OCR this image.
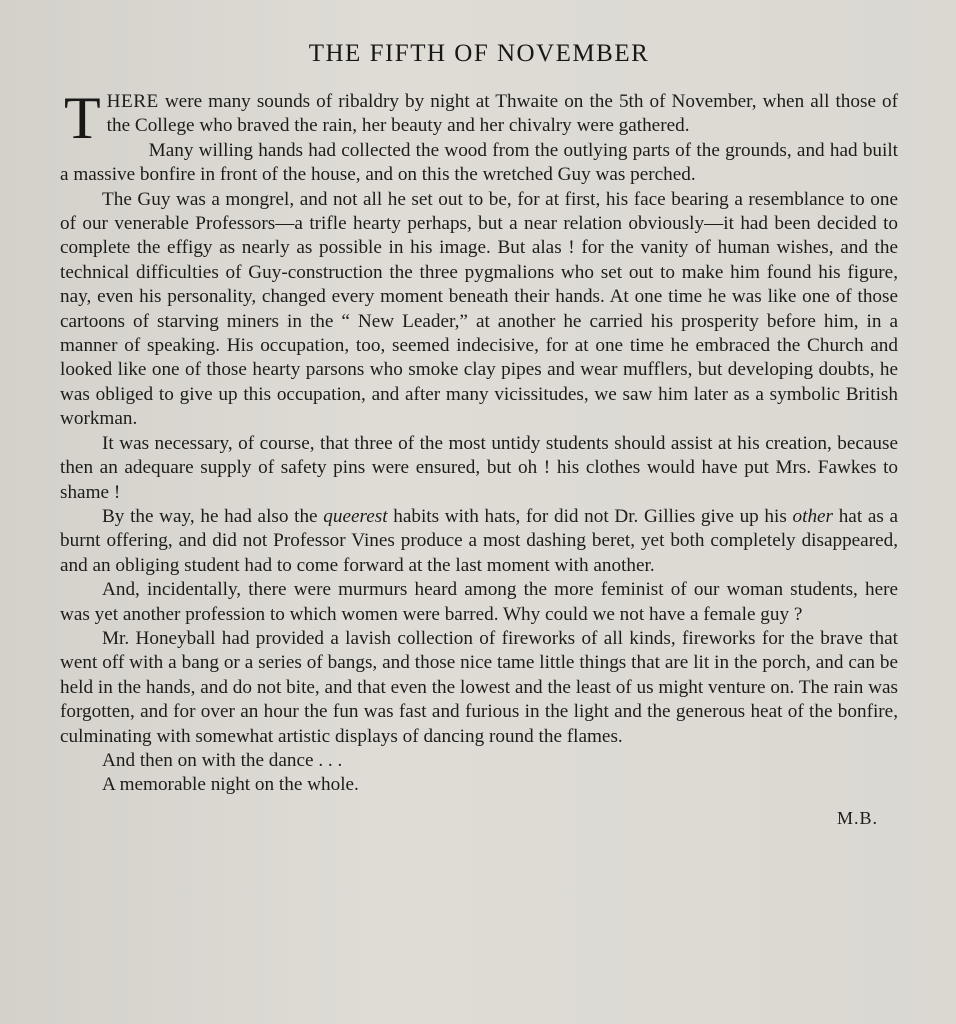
THE FIFTH OF NOVEMBER

THERE were many sounds of ribaldry by night at Thwaite on the 5th of November, when all those of the College who braved the rain, her beauty and her chivalry were gathered.

Many willing hands had collected the wood from the outlying parts of the grounds, and had built a massive bonfire in front of the house, and on this the wretched Guy was perched.

The Guy was a mongrel, and not all he set out to be, for at first, his face bearing a resemblance to one of our venerable Professors—a trifle hearty perhaps, but a near relation obviously—it had been decided to complete the effigy as nearly as possible in his image. But alas ! for the vanity of human wishes, and the technical difficulties of Guy-construction the three pygmalions who set out to make him found his figure, nay, even his personality, changed every moment beneath their hands. At one time he was like one of those cartoons of starving miners in the “ New Leader,” at another he carried his prosperity before him, in a manner of speaking. His occupation, too, seemed indecisive, for at one time he embraced the Church and looked like one of those hearty parsons who smoke clay pipes and wear mufflers, but developing doubts, he was obliged to give up this occupation, and after many vicissitudes, we saw him later as a symbolic British workman.

It was necessary, of course, that three of the most untidy students should assist at his creation, because then an adequare supply of safety pins were ensured, but oh ! his clothes would have put Mrs. Fawkes to shame !

By the way, he had also the queerest habits with hats, for did not Dr. Gillies give up his other hat as a burnt offering, and did not Professor Vines produce a most dashing beret, yet both completely disappeared, and an obliging student had to come forward at the last moment with another.

And, incidentally, there were murmurs heard among the more feminist of our woman students, here was yet another profession to which women were barred. Why could we not have a female guy ?

Mr. Honeyball had provided a lavish collection of fireworks of all kinds, fireworks for the brave that went off with a bang or a series of bangs, and those nice tame little things that are lit in the porch, and can be held in the hands, and do not bite, and that even the lowest and the least of us might venture on. The rain was forgotten, and for over an hour the fun was fast and furious in the light and the generous heat of the bonfire, culminating with somewhat artistic displays of dancing round the flames.

And then on with the dance . . .

A memorable night on the whole.

M.B.
